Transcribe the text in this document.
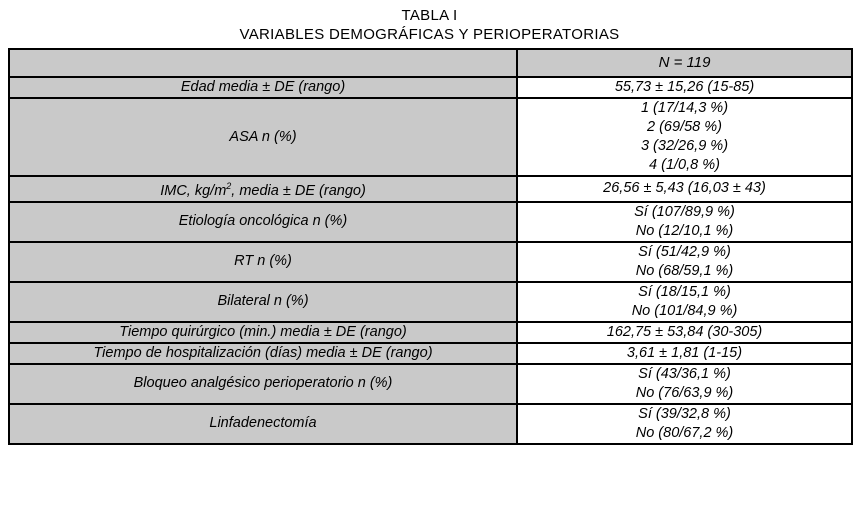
TABLA I
VARIABLES DEMOGRÁFICAS Y PERIOPERATORIAS
	N = 119
Edad media ± DE (rango)	55,73 ± 15,26 (15-85)

ASA n (%)	1 (17/14,3 %)
2 (69/58 %)
3 (32/26,9 %)
4 (1/0,8 %)

IMC, $kg/m^2$, media ± DE (rango)	26,56 ± 5,43 (16,03 ± 43)

Etiología oncológica n (%)	Sí (107/89,9 %)
No (12/10,1 %)

RT n (%)	Sí (51/42,9 %)
No (68/59,1 %)

Bilateral n (%)	Sí (18/15,1 %)
No (101/84,9 %)

Tiempo quirúrgico (min.) media ± DE (rango)	162,75 ± 53,84 (30-305)

Tiempo de hospitalización (días) media ± DE (rango)	3,61 ± 1,81 (1-15)

Bloqueo analgésico perioperatorio n (%)	Sí (43/36,1 %)
No (76/63,9 %)

Linfadenectomía	Sí (39/32,8 %)
No (80/67,2 %)
